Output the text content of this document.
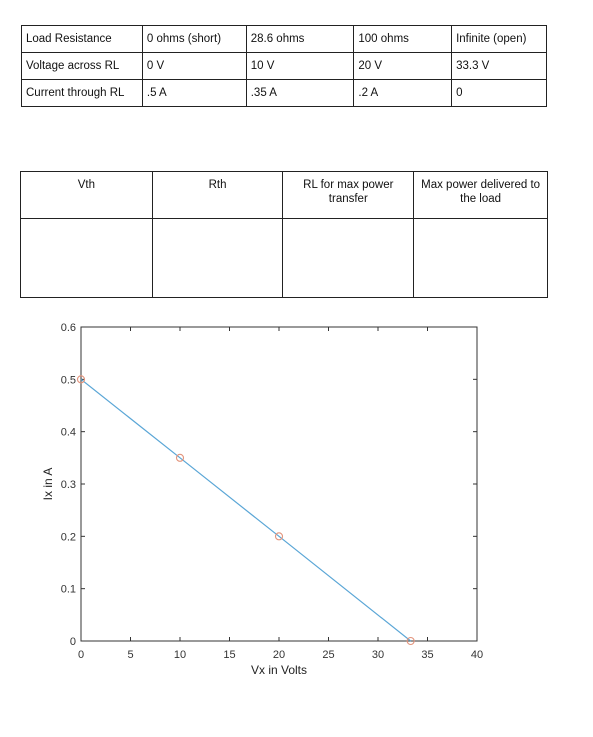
Load Resistance	0 ohms (short)	28.6 ohms	100 ohms	Infinite (open)
Voltage across RL	0 V	10 V	20 V	33.3 V
Current through RL	.5 A	.35 A	.2 A	0
Vth	Rth	RL for max power transfer	Max power delivered to the load

0	5	10	15	20	25	30	35	40
0
0.1
0.2
0.3
0.4
0.5
0.6
Vx in Volts
Ix in A
